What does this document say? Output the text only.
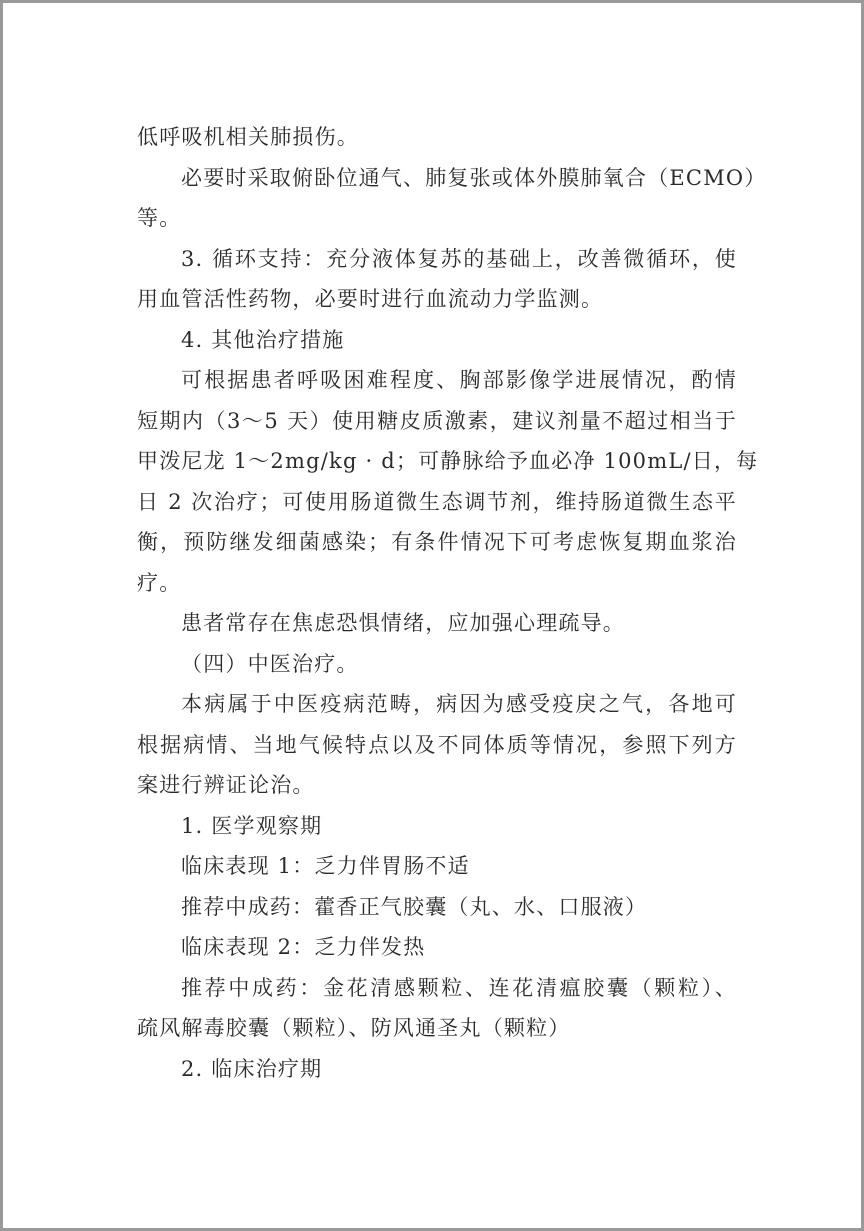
低呼吸机相关肺损伤。
必要时采取俯卧位通气、肺复张或体外膜肺氧合（ECMO）
等。
3. 循环支持：充分液体复苏的基础上，改善微循环，使
用血管活性药物，必要时进行血流动力学监测。
4. 其他治疗措施
可根据患者呼吸困难程度、胸部影像学进展情况，酌情
短期内（3～5 天）使用糖皮质激素，建议剂量不超过相当于
甲泼尼龙 1～2mg/kg · d；可静脉给予血必净 100mL/日，每
日 2 次治疗；可使用肠道微生态调节剂，维持肠道微生态平
衡，预防继发细菌感染；有条件情况下可考虑恢复期血浆治
疗。
患者常存在焦虑恐惧情绪，应加强心理疏导。
（四）中医治疗。
本病属于中医疫病范畴，病因为感受疫戾之气，各地可
根据病情、当地气候特点以及不同体质等情况，参照下列方
案进行辨证论治。
1. 医学观察期
临床表现 1：乏力伴胃肠不适
推荐中成药：藿香正气胶囊（丸、水、口服液）
临床表现 2：乏力伴发热
推荐中成药：金花清感颗粒、连花清瘟胶囊（颗粒）、
疏风解毒胶囊（颗粒）、防风通圣丸（颗粒）
2. 临床治疗期
